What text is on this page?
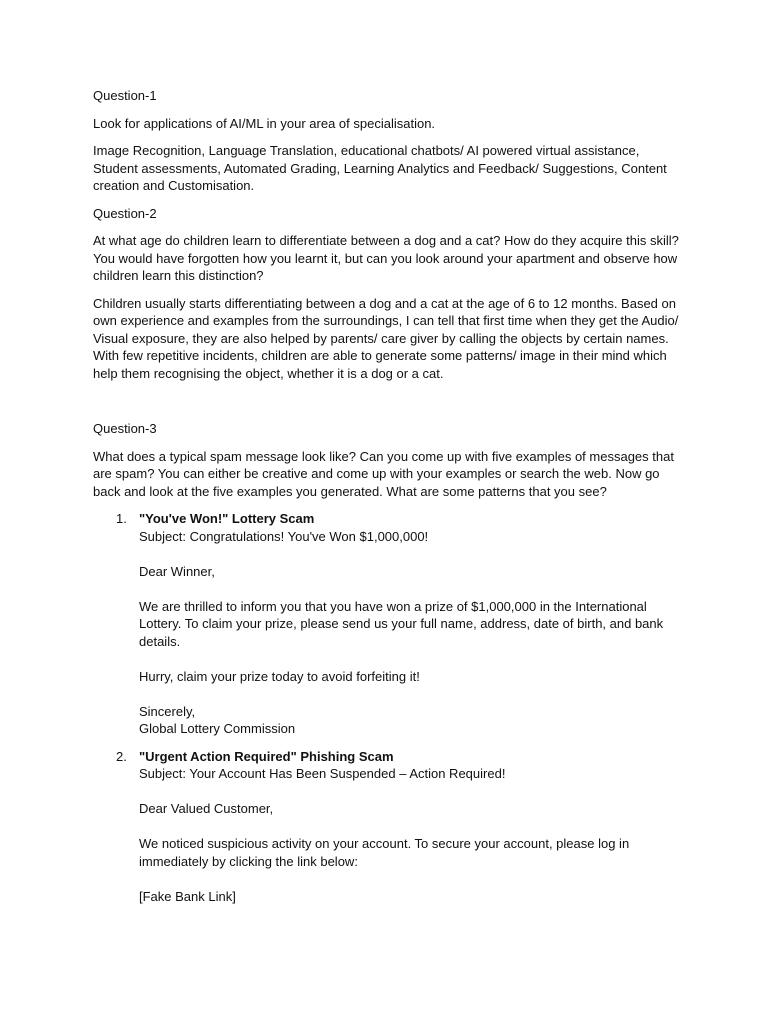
Question-1

Look for applications of AI/ML in your area of specialisation.

Image Recognition, Language Translation, educational chatbots/ AI powered virtual assistance, Student assessments, Automated Grading, Learning Analytics and Feedback/ Suggestions, Content creation and Customisation.

Question-2

At what age do children learn to differentiate between a dog and a cat? How do they acquire this skill? You would have forgotten how you learnt it, but can you look around your apartment and observe how children learn this distinction?

Children usually starts differentiating between a dog and a cat at the age of 6 to 12 months. Based on own experience and examples from the surroundings, I can tell that first time when they get the Audio/ Visual exposure, they are also helped by parents/ care giver by calling the objects by certain names. With few repetitive incidents, children are able to generate some patterns/ image in their mind which help them recognising the object, whether it is a dog or a cat.

Question-3

What does a typical spam message look like? Can you come up with five examples of messages that are spam? You can either be creative and come up with your examples or search the web. Now go back and look at the five examples you generated. What are some patterns that you see?

1. "You've Won!" Lottery Scam
Subject: Congratulations! You've Won $1,000,000!
Dear Winner,
We are thrilled to inform you that you have won a prize of $1,000,000 in the International Lottery. To claim your prize, please send us your full name, address, date of birth, and bank details.
Hurry, claim your prize today to avoid forfeiting it!
Sincerely,
Global Lottery Commission
2. "Urgent Action Required" Phishing Scam
Subject: Your Account Has Been Suspended – Action Required!
Dear Valued Customer,
We noticed suspicious activity on your account. To secure your account, please log in immediately by clicking the link below:
[Fake Bank Link]
